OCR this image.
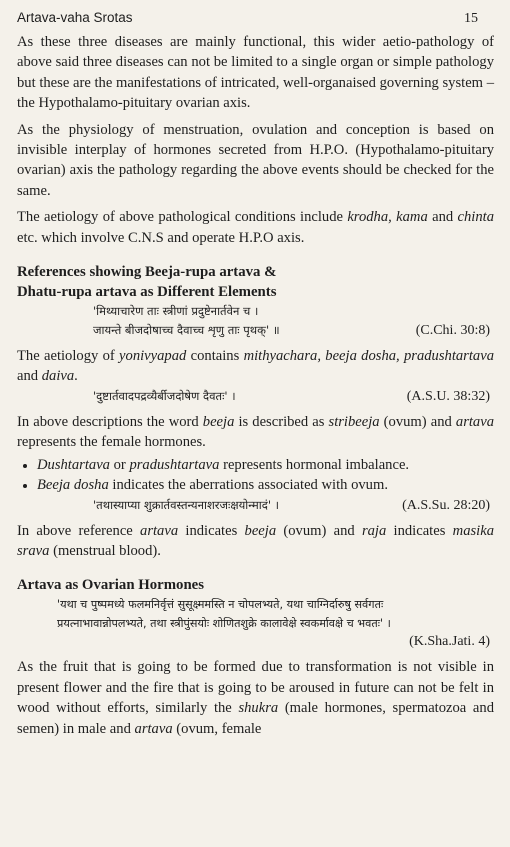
Artava-vaha Srotas	15

As these three diseases are mainly functional, this wider aetio-pathology of above said three diseases can not be limited to a single organ or simple pathology but these are the manifestations of intricated, well-organaised governing system – the Hypothalamo-pituitary ovarian axis.

As the physiology of menstruation, ovulation and conception is based on invisible interplay of hormones secreted from H.P.O. (Hypothalamo-pituitary ovarian) axis the pathology regarding the above events should be checked for the same.

The aetiology of above pathological conditions include krodha, kama and chinta etc. which involve C.N.S and operate H.P.O axis.

References showing Beeja-rupa artava &
Dhatu-rupa artava as Different Elements
'मिथ्याचारेण ताः स्त्रीणां प्रदुष्टेनार्तवेन च ।
जायन्ते बीजदोषाच्च दैवाच्च शृणु ताः पृथक्' ॥	(C.Chi. 30:8)

The aetiology of yonivyapad contains mithyachara, beeja dosha, pradushtartava and daiva.

'दुष्टार्तवादपद्रव्यैर्बीजदोषेण दैवतः' ।	(A.S.U. 38:32)

In above descriptions the word beeja is described as stribeeja (ovum) and artava represents the female hormones.

• Dushtartava or pradushtartava represents hormonal imbalance.
• Beeja dosha indicates the aberrations associated with ovum.
'तथास्याप्या शुक्रार्तवस्तन्यनाशरजःक्षयोन्मादं' ।	(A.S.Su. 28:20)

In above reference artava indicates beeja (ovum) and raja indicates masika srava (menstrual blood).

Artava as Ovarian Hormones
'यथा च पुष्पमध्ये फलमनिर्वृत्तं सुसूक्ष्ममस्ति न चोपलभ्यते, यथा चाग्निर्दारुषु सर्वगतः
प्रयत्नाभावान्नोपलभ्यते, तथा स्त्रीपुंसयोः शोणितशुक्रे कालावेक्षे स्वकर्मावक्षे च भवतः' ।
(K.Sha.Jati. 4)

As the fruit that is going to be formed due to transformation is not visible in present flower and the fire that is going to be aroused in future can not be felt in wood without efforts, similarly the shukra (male hormones, spermatozoa and semen) in male and artava (ovum, female
